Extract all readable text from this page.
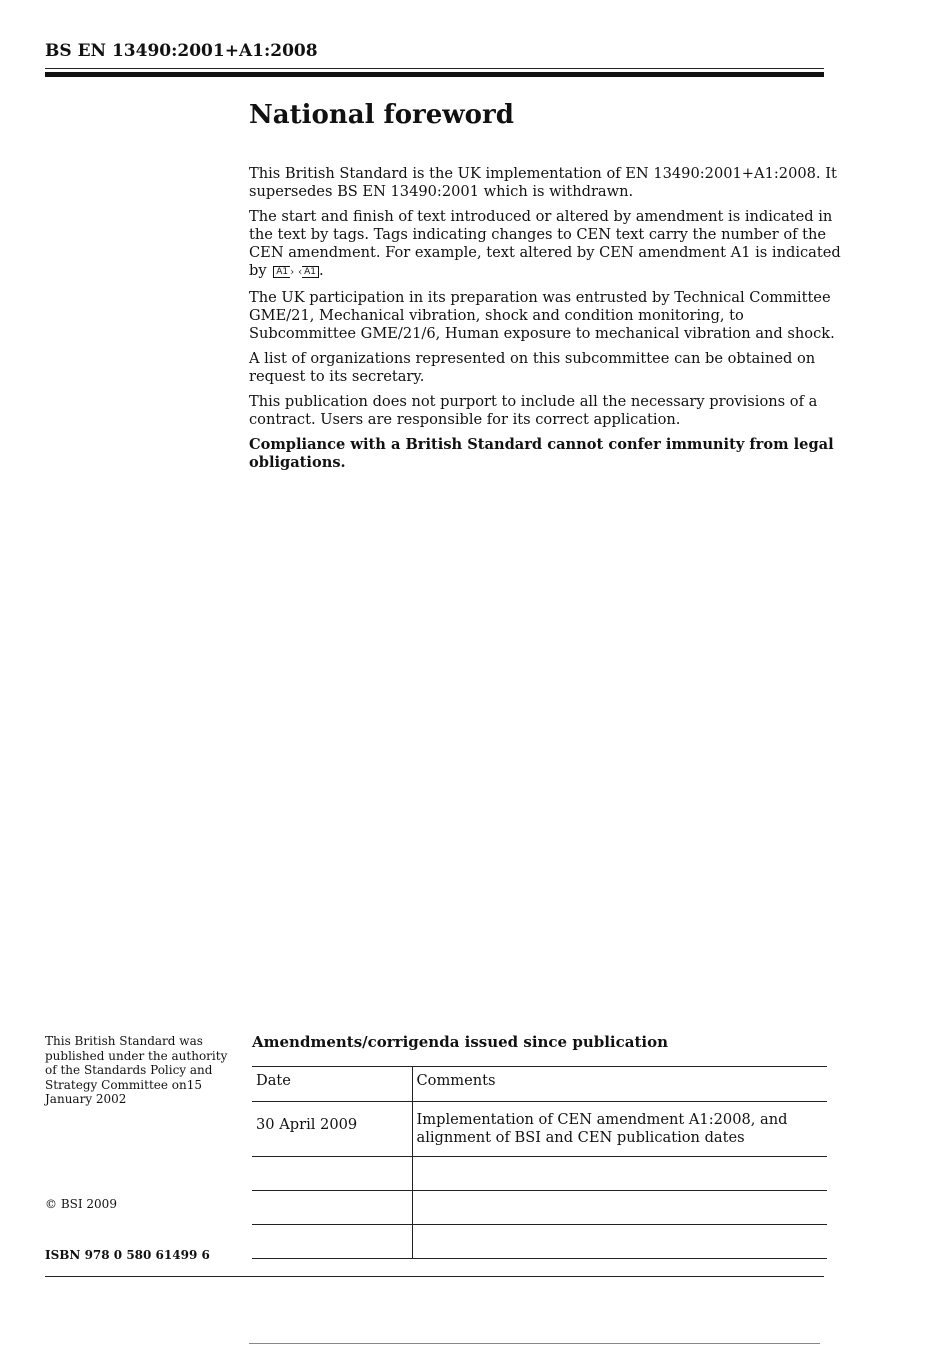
BS EN 13490:2001+A1:2008
National foreword

This British Standard is the UK implementation of EN 13490:2001+A1:2008. It supersedes BS EN 13490:2001 which is withdrawn.

The start and finish of text introduced or altered by amendment is indicated in the text by tags. Tags indicating changes to CEN text carry the number of the CEN amendment. For example, text altered by CEN amendment A1 is indicated by A1 › ‹ A1 .

The UK participation in its preparation was entrusted by Technical Committee GME/21, Mechanical vibration, shock and condition monitoring, to Subcommittee GME/21/6, Human exposure to mechanical vibration and shock.

A list of organizations represented on this subcommittee can be obtained on request to its secretary.

This publication does not purport to include all the necessary provisions of a contract. Users are responsible for its correct application.

Compliance with a British Standard cannot confer immunity from legal obligations.

This British Standard was published under the authority of the Standards Policy and Strategy Committee on15 January 2002
© BSI 2009
ISBN 978 0 580 61499 6
Amendments/corrigenda issued since publication
Date	Comments
30 April 2009	Implementation of CEN amendment A1:2008, and alignment of BSI and CEN publication dates
